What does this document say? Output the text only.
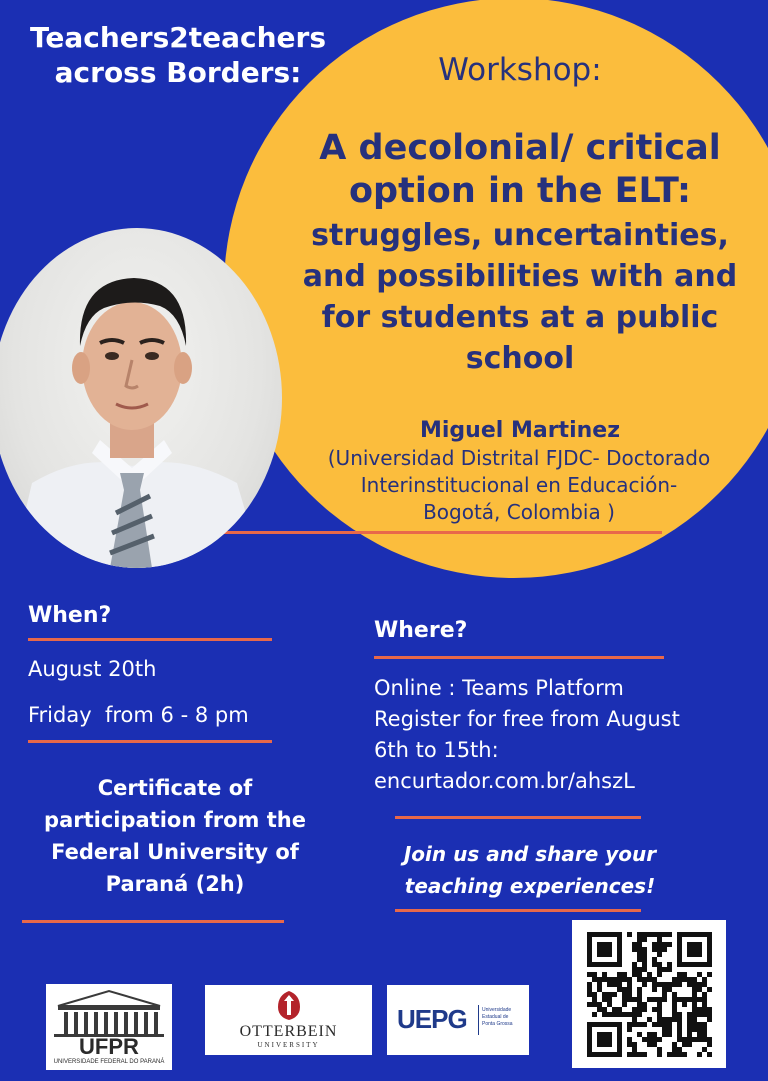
Teachers2teachers
across Borders:	Workshop:
A decolonial/ critical
option in the ELT:
struggles, uncertainties,
and possibilities with and
for students at a public
school
Miguel Martinez
(Universidad Distrital FJDC- Doctorado
Interinstitucional en Educación-
Bogotá, Colombia )
When?
August 20th
Friday  from 6 - 8 pm
Where?
Online : Teams Platform
Register for free from August
6th to 15th:
encurtador.com.br/ahszL
Certificate of
participation from the
Federal University of
Paraná (2h)
Join us and share your
teaching experiences!
UFPR
UNIVERSIDADE FEDERAL DO PARANÁ
OTTERBEIN
UNIVERSITY
UEPG	Universidade
Estadual de
Ponta Grossa
